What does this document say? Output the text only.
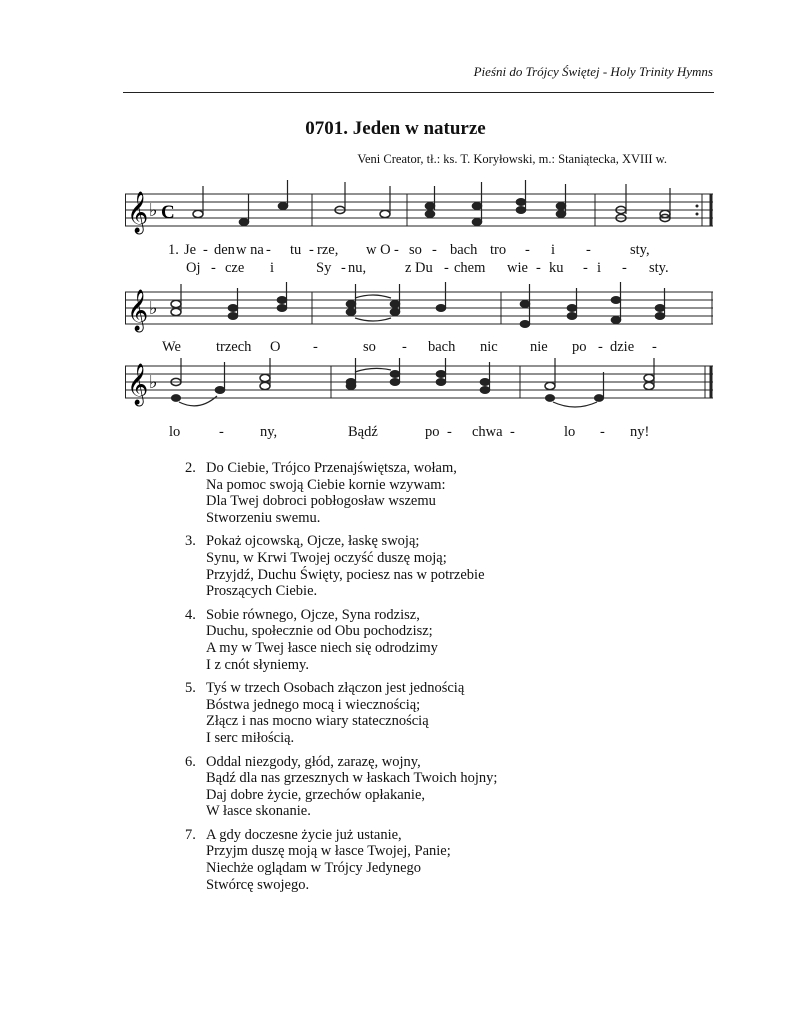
Pieśni do Trójcy Świętej - Holy Trinity Hymns
0701. Jeden w naturze
Veni Creator, tł.: ks. T. Koryłowski, m.: Staniątecka, XVIII w.
𝄞 ♭ C
1. Je - den w na - tu - rze, w O - so - bach tro - i -	sty,
Oj - cze i	Sy - nu,	z Du - chem wie - ku - i - sty.
𝄞 ♭
We trzech O -	so - bach nic nie po - dzie -
𝄞 ♭
lo	- ny,	Bądź	po - chwa -	lo - ny!
2. Do Ciebie, Trójco Przenajświętsza, wołam,
Na pomoc swoją Ciebie kornie wzywam:
Dla Twej dobroci pobłogosław wszemu
Stworzeniu swemu.
3. Pokaż ojcowską, Ojcze, łaskę swoją;
Synu, w Krwi Twojej oczyść duszę moją;
Przyjdź, Duchu Święty, pociesz nas w potrzebie
Proszących Ciebie.
4. Sobie równego, Ojcze, Syna rodzisz,
Duchu, społecznie od Obu pochodzisz;
A my w Twej łasce niech się odrodzimy
I z cnót słyniemy.
5. Tyś w trzech Osobach złączon jest jednością
Bóstwa jednego mocą i wiecznością;
Złącz i nas mocno wiary statecznością
I serc miłością.
6. Oddal niezgody, głód, zarazę, wojny,
Bądź dla nas grzesznych w łaskach Twoich hojny;
Daj dobre życie, grzechów opłakanie,
W łasce skonanie.
7. A gdy doczesne życie już ustanie,
Przyjm duszę moją w łasce Twojej, Panie;
Niechże oglądam w Trójcy Jedynego
Stwórcę swojego.
